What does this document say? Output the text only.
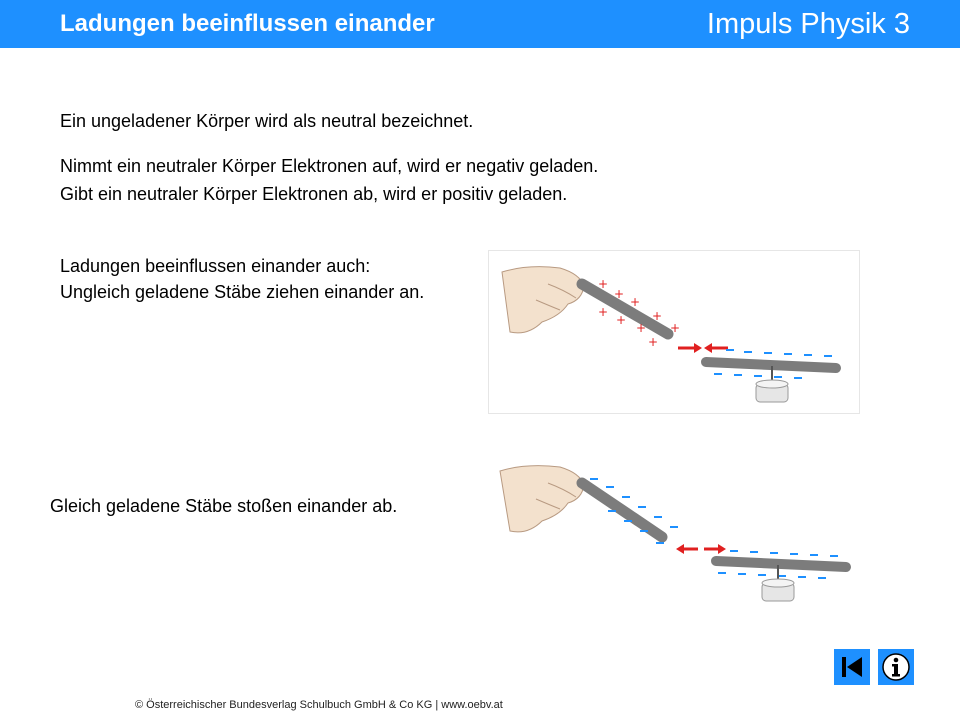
Ladungen beeinflussen einander	Impuls Physik 3
Ein ungeladener Körper wird als neutral bezeichnet.
Nimmt ein neutraler Körper Elektronen auf, wird er negativ geladen.
Gibt ein neutraler Körper Elektronen ab, wird er positiv geladen.
Ladungen beeinflussen einander auch:
Ungleich geladene Stäbe ziehen einander an.
Gleich geladene Stäbe stoßen einander ab.
+
+
+
+
+
+
+
+
+
© Österreichischer Bundesverlag Schulbuch GmbH & Co KG | www.oebv.at
